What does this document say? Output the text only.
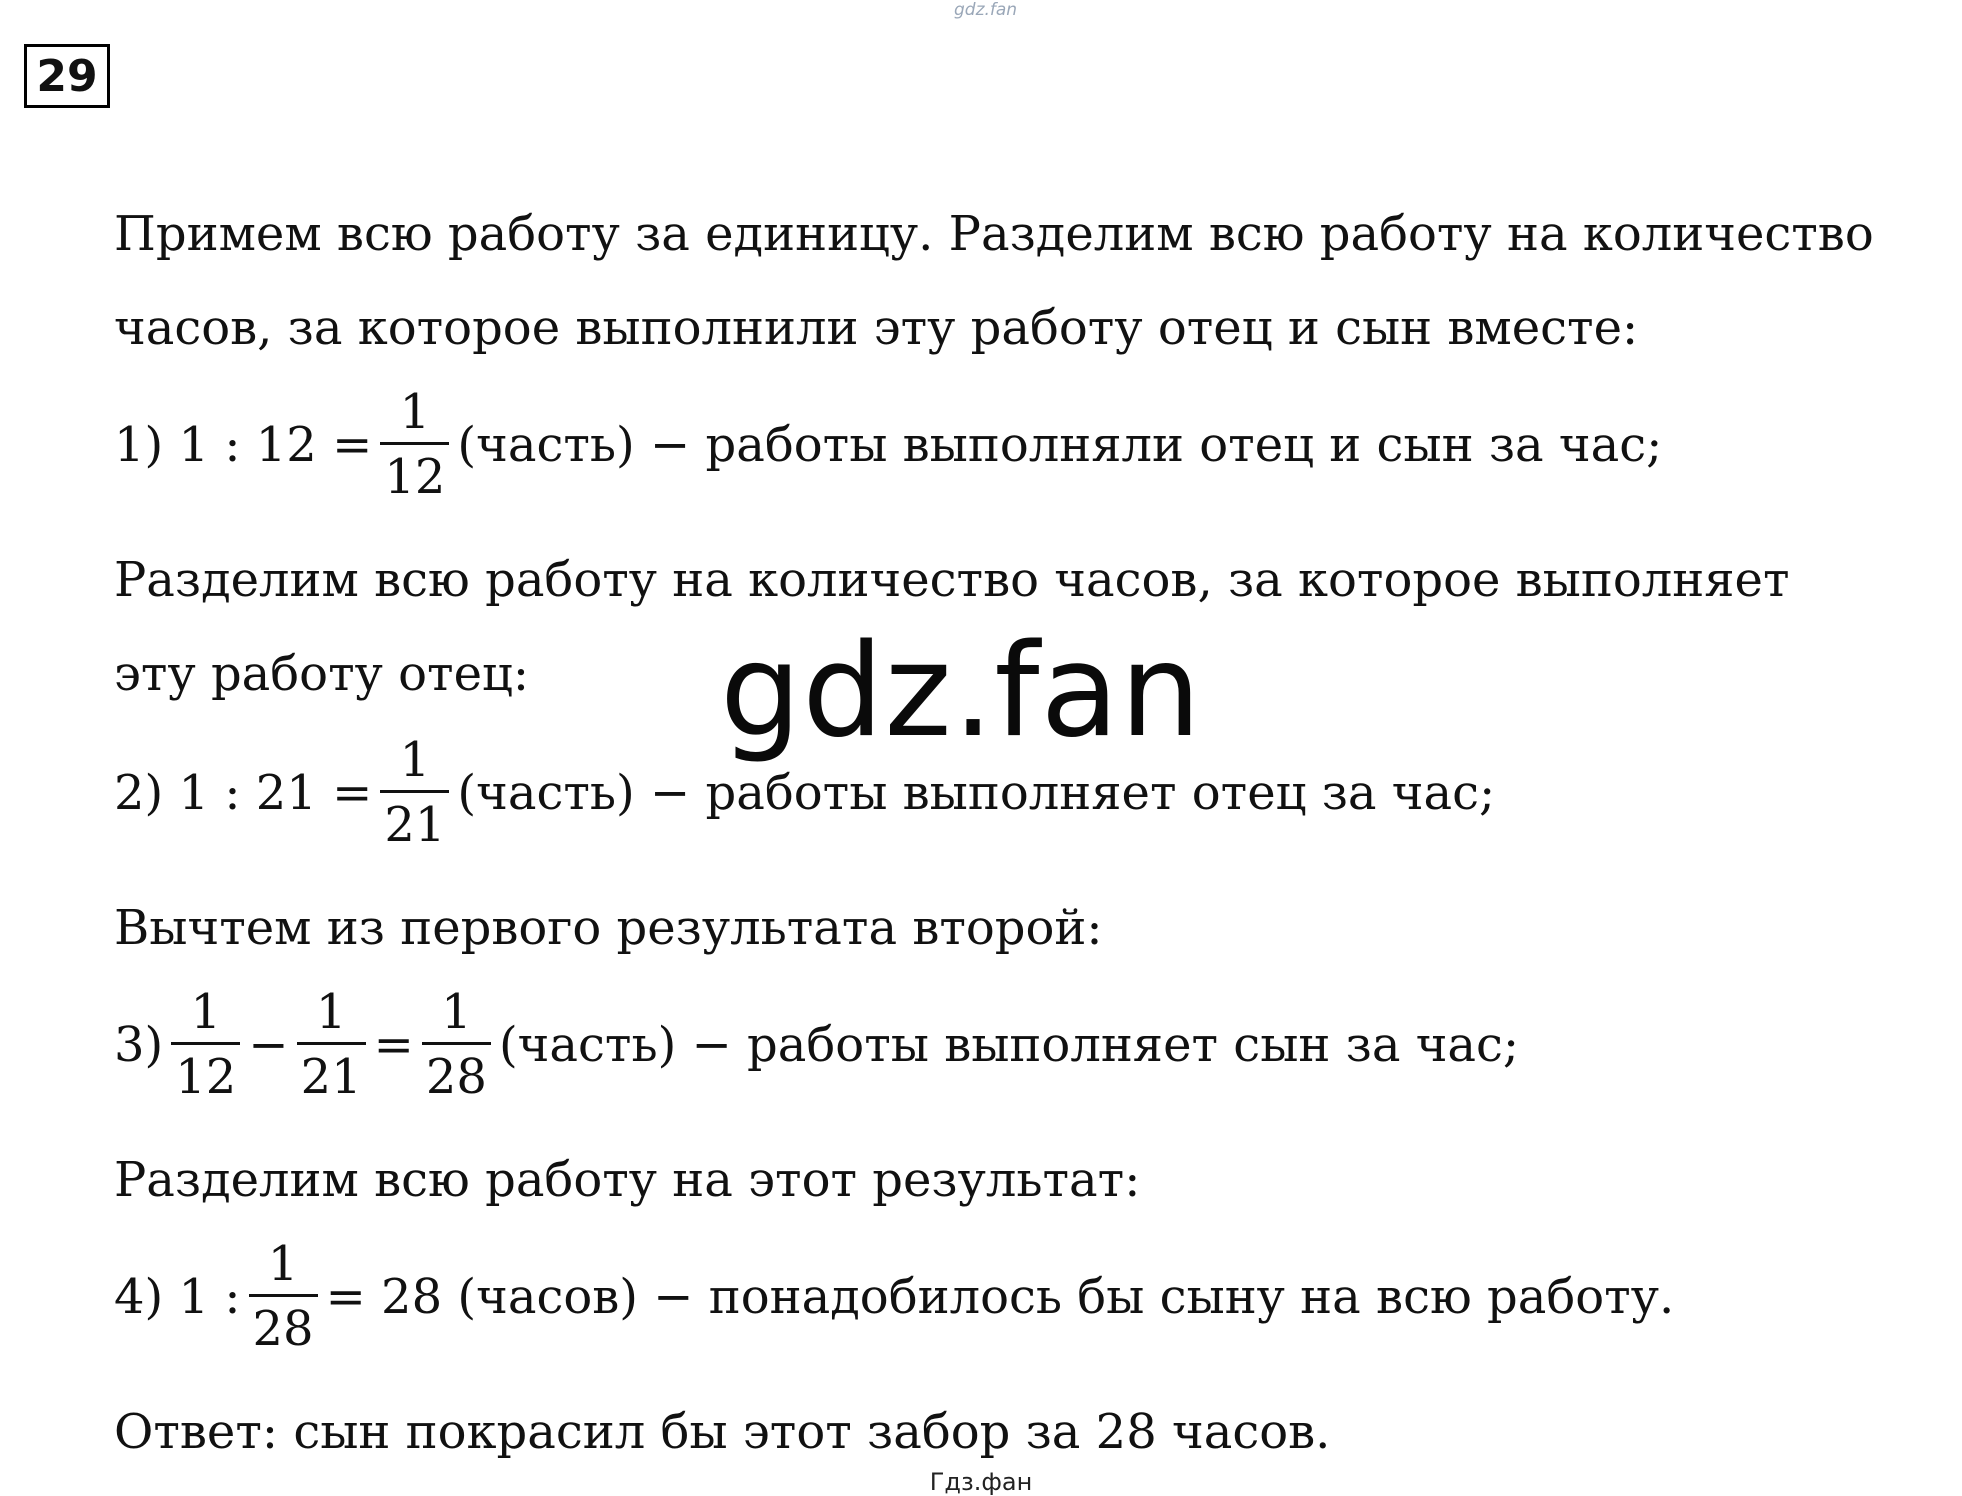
gdz.fan
29
Примем всю работу за единицу. Разделим всю работу на количество
часов, за которое выполнили эту работу отец и сын вместе:
1) 1 : $12 = \frac{1}{12}$ (часть) − работы выполняли отец и сын за час;
Разделим всю работу на количество часов, за которое выполняет
эту работу отец:
2) 1 : $21 = \frac{1}{21}$ (часть) − работы выполняет отец за час;
Вычтем из первого результата второй:
$3) \frac{1}{12} - \frac{1}{21} = \frac{1}{28}$ (часть) − работы выполняет сын за час;
Разделим всю работу на этот результат:
4) 1 : $\frac{1}{28} = 28$ (часов) − понадобилось бы сыну на всю работу.
Ответ: сын покрасил бы этот забор за 28 часов.
gdz.fan
Гдз.фан
